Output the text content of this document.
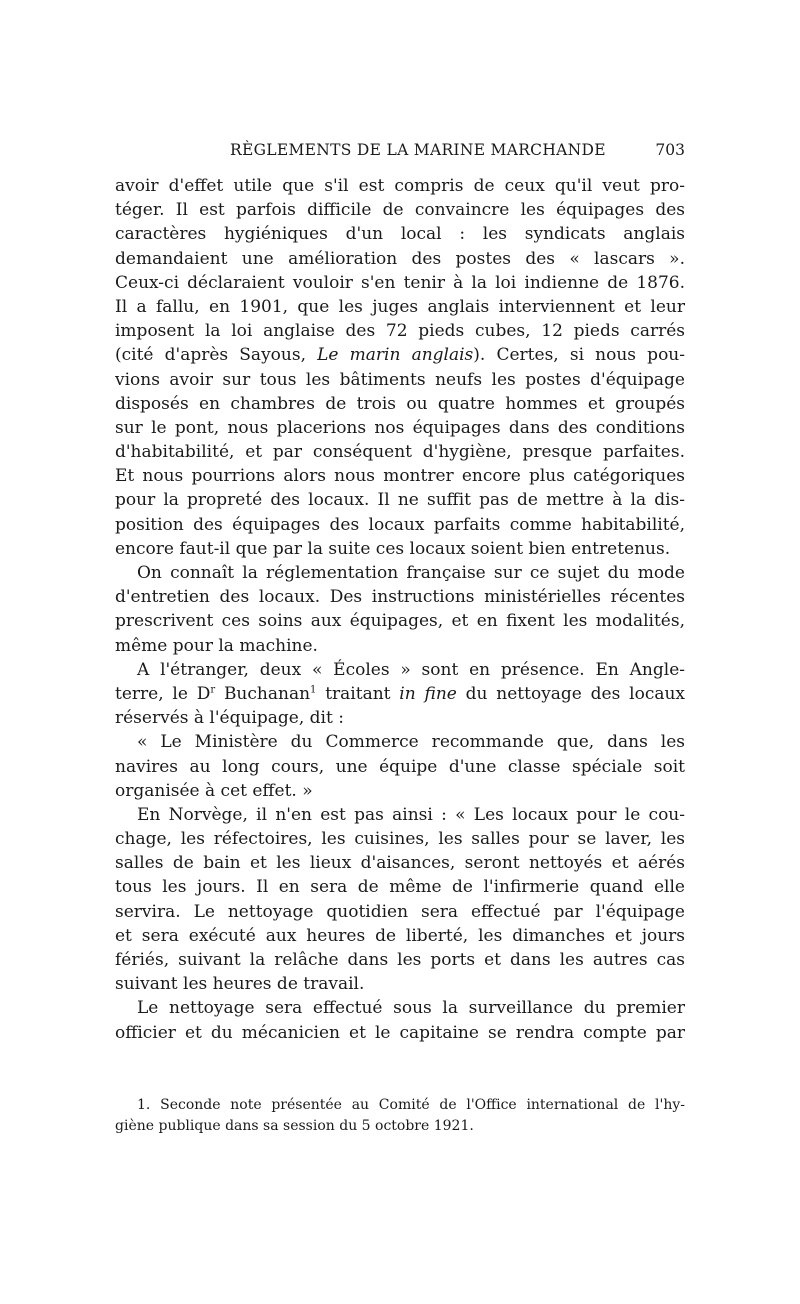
RÈGLEMENTS DE LA MARINE MARCHANDE	703
avoir d'effet utile que s'il est compris de ceux qu'il veut pro-
téger. Il est parfois difficile de convaincre les équipages des
caractères hygiéniques d'un local : les syndicats anglais
demandaient une amélioration des postes des « lascars ».
Ceux-ci déclaraient vouloir s'en tenir à la loi indienne de 1876.
Il a fallu, en 1901, que les juges anglais interviennent et leur
imposent la loi anglaise des 72 pieds cubes, 12 pieds carrés
(cité d'après Sayous, Le marin anglais). Certes, si nous pou-
vions avoir sur tous les bâtiments neufs les postes d'équipage
disposés en chambres de trois ou quatre hommes et groupés
sur le pont, nous placerions nos équipages dans des conditions
d'habitabilité, et par conséquent d'hygiène, presque parfaites.
Et nous pourrions alors nous montrer encore plus catégoriques
pour la propreté des locaux. Il ne suffit pas de mettre à la dis-
position des équipages des locaux parfaits comme habitabilité,
encore faut-il que par la suite ces locaux soient bien entretenus.
On connaît la réglementation française sur ce sujet du mode
d'entretien des locaux. Des instructions ministérielles récentes
prescrivent ces soins aux équipages, et en fixent les modalités,
même pour la machine.
A l'étranger, deux « Écoles » sont en présence. En Angle-
terre, le $D^r$ Buchanan$^1$ traitant in fine du nettoyage des locaux
réservés à l'équipage, dit :
« Le Ministère du Commerce recommande que, dans les
navires au long cours, une équipe d'une classe spéciale soit
organisée à cet effet. »
En Norvège, il n'en est pas ainsi : « Les locaux pour le cou-
chage, les réfectoires, les cuisines, les salles pour se laver, les
salles de bain et les lieux d'aisances, seront nettoyés et aérés
tous les jours. Il en sera de même de l'infirmerie quand elle
servira. Le nettoyage quotidien sera effectué par l'équipage
et sera exécuté aux heures de liberté, les dimanches et jours
fériés, suivant la relâche dans les ports et dans les autres cas
suivant les heures de travail.
Le nettoyage sera effectué sous la surveillance du premier
officier et du mécanicien et le capitaine se rendra compte par
1. Seconde note présentée au Comité de l'Office international de l'hy-
giène publique dans sa session du 5 octobre 1921.
